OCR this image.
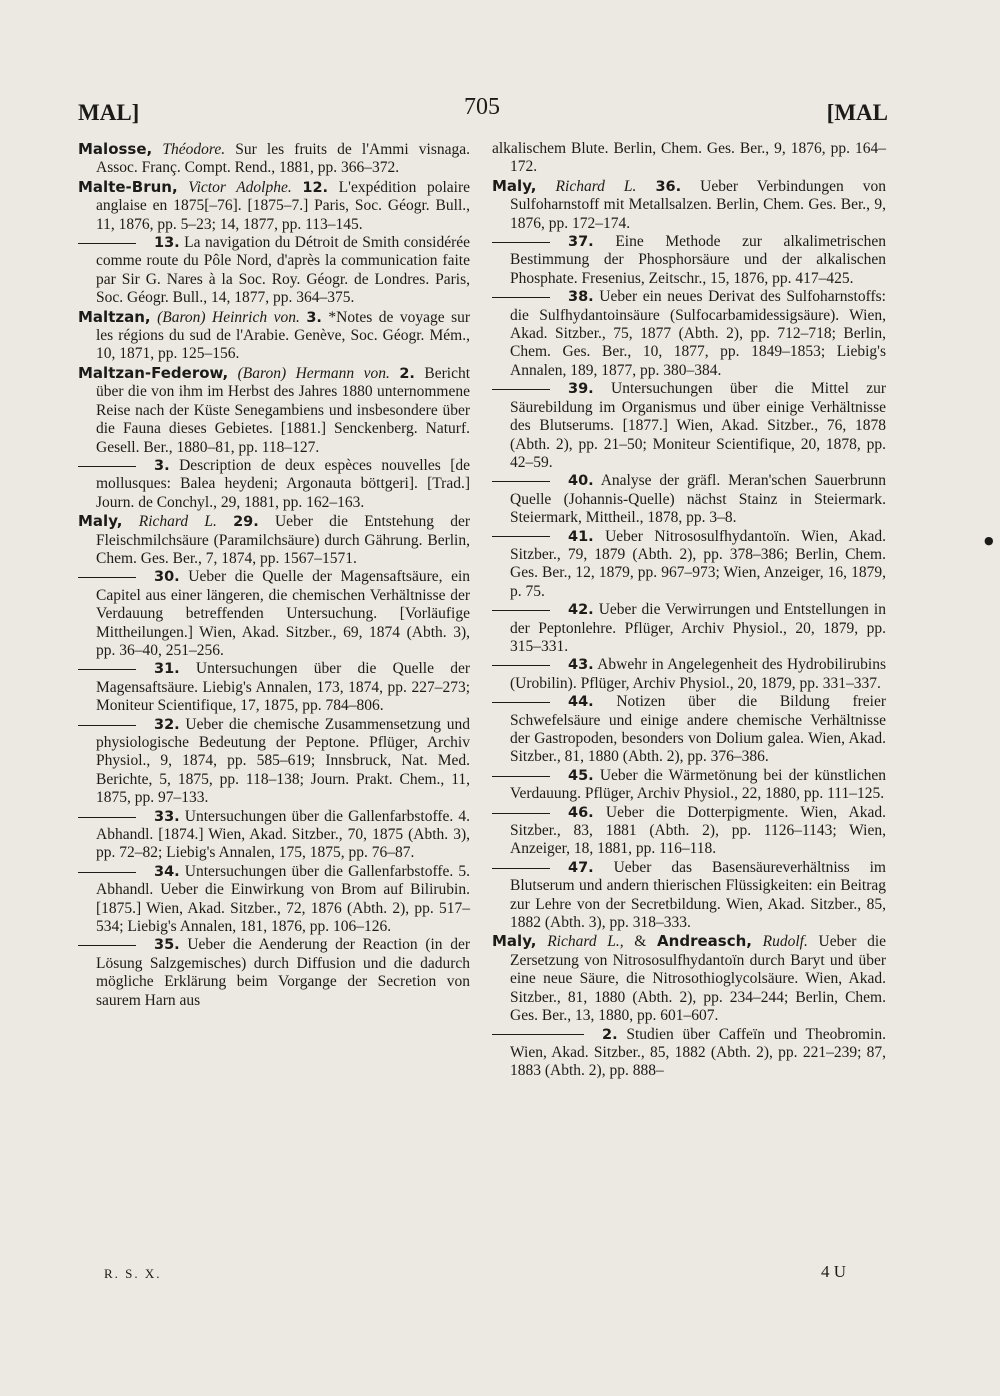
MAL]	705	[MAL
Malosse, Théodore. Sur les fruits de l'Ammi visnaga. Assoc. Franç. Compt. Rend., 1881, pp. 366–372.
Malte-Brun, Victor Adolphe. 12. L'expédition polaire anglaise en 1875[–76]. [1875–7.] Paris, Soc. Géogr. Bull., 11, 1876, pp. 5–23; 14, 1877, pp. 113–145.
13. La navigation du Détroit de Smith considérée comme route du Pôle Nord, d'après la communication faite par Sir G. Nares à la Soc. Roy. Géogr. de Londres. Paris, Soc. Géogr. Bull., 14, 1877, pp. 364–375.
Maltzan, (Baron) Heinrich von. 3. *Notes de voyage sur les régions du sud de l'Arabie. Genève, Soc. Géogr. Mém., 10, 1871, pp. 125–156.
Maltzan-Federow, (Baron) Hermann von. 2. Bericht über die von ihm im Herbst des Jahres 1880 unternommene Reise nach der Küste Senegambiens und insbesondere über die Fauna dieses Gebietes. [1881.] Senckenberg. Naturf. Gesell. Ber., 1880–81, pp. 118–127.
3. Description de deux espèces nouvelles [de mollusques: Balea heydeni; Argonauta böttgeri]. [Trad.] Journ. de Conchyl., 29, 1881, pp. 162–163.
Maly, Richard L. 29. Ueber die Entstehung der Fleischmilchsäure (Paramilchsäure) durch Gährung. Berlin, Chem. Ges. Ber., 7, 1874, pp. 1567–1571.
30. Ueber die Quelle der Magensaftsäure, ein Capitel aus einer längeren, die chemischen Verhältnisse der Verdauung betreffenden Untersuchung. [Vorläufige Mittheilungen.] Wien, Akad. Sitzber., 69, 1874 (Abth. 3), pp. 36–40, 251–256.
31. Untersuchungen über die Quelle der Magensaftsäure. Liebig's Annalen, 173, 1874, pp. 227–273; Moniteur Scientifique, 17, 1875, pp. 784–806.
32. Ueber die chemische Zusammensetzung und physiologische Bedeutung der Peptone. Pflüger, Archiv Physiol., 9, 1874, pp. 585–619; Innsbruck, Nat. Med. Berichte, 5, 1875, pp. 118–138; Journ. Prakt. Chem., 11, 1875, pp. 97–133.
33. Untersuchungen über die Gallenfarbstoffe. 4. Abhandl. [1874.] Wien, Akad. Sitzber., 70, 1875 (Abth. 3), pp. 72–82; Liebig's Annalen, 175, 1875, pp. 76–87.
34. Untersuchungen über die Gallenfarbstoffe. 5. Abhandl. Ueber die Einwirkung von Brom auf Bilirubin. [1875.] Wien, Akad. Sitzber., 72, 1876 (Abth. 2), pp. 517–534; Liebig's Annalen, 181, 1876, pp. 106–126.
35. Ueber die Aenderung der Reaction (in der Lösung Salzgemisches) durch Diffusion und die dadurch mögliche Erklärung beim Vorgange der Secretion von saurem Harn aus
alkalischem Blute. Berlin, Chem. Ges. Ber., 9, 1876, pp. 164–172.
Maly, Richard L. 36. Ueber Verbindungen von Sulfoharnstoff mit Metallsalzen. Berlin, Chem. Ges. Ber., 9, 1876, pp. 172–174.
37. Eine Methode zur alkalimetrischen Bestimmung der Phosphorsäure und der alkalischen Phosphate. Fresenius, Zeitschr., 15, 1876, pp. 417–425.
38. Ueber ein neues Derivat des Sulfoharnstoffs: die Sulfhydantoinsäure (Sulfocarbamidessigsäure). Wien, Akad. Sitzber., 75, 1877 (Abth. 2), pp. 712–718; Berlin, Chem. Ges. Ber., 10, 1877, pp. 1849–1853; Liebig's Annalen, 189, 1877, pp. 380–384.
39. Untersuchungen über die Mittel zur Säurebildung im Organismus und über einige Verhältnisse des Blutserums. [1877.] Wien, Akad. Sitzber., 76, 1878 (Abth. 2), pp. 21–50; Moniteur Scientifique, 20, 1878, pp. 42–59.
40. Analyse der gräfl. Meran'schen Sauerbrunn Quelle (Johannis-Quelle) nächst Stainz in Steiermark. Steiermark, Mittheil., 1878, pp. 3–8.
41. Ueber Nitrososulfhydantoïn. Wien, Akad. Sitzber., 79, 1879 (Abth. 2), pp. 378–386; Berlin, Chem. Ges. Ber., 12, 1879, pp. 967–973; Wien, Anzeiger, 16, 1879, p. 75.
42. Ueber die Verwirrungen und Entstellungen in der Peptonlehre. Pflüger, Archiv Physiol., 20, 1879, pp. 315–331.
43. Abwehr in Angelegenheit des Hydrobilirubins (Urobilin). Pflüger, Archiv Physiol., 20, 1879, pp. 331–337.
44. Notizen über die Bildung freier Schwefelsäure und einige andere chemische Verhältnisse der Gastropoden, besonders von Dolium galea. Wien, Akad. Sitzber., 81, 1880 (Abth. 2), pp. 376–386.
45. Ueber die Wärmetönung bei der künstlichen Verdauung. Pflüger, Archiv Physiol., 22, 1880, pp. 111–125.
46. Ueber die Dotterpigmente. Wien, Akad. Sitzber., 83, 1881 (Abth. 2), pp. 1126–1143; Wien, Anzeiger, 18, 1881, pp. 116–118.
47. Ueber das Basensäureverhältniss im Blutserum und andern thierischen Flüssigkeiten: ein Beitrag zur Lehre von der Secretbildung. Wien, Akad. Sitzber., 85, 1882 (Abth. 3), pp. 318–333.
Maly, Richard L., & Andreasch, Rudolf. Ueber die Zersetzung von Nitrososulfhydantoïn durch Baryt und über eine neue Säure, die Nitrosothioglycolsäure. Wien, Akad. Sitzber., 81, 1880 (Abth. 2), pp. 234–244; Berlin, Chem. Ges. Ber., 13, 1880, pp. 601–607.
2. Studien über Caffeïn und Theobromin. Wien, Akad. Sitzber., 85, 1882 (Abth. 2), pp. 221–239; 87, 1883 (Abth. 2), pp. 888–
●
R. S. X.	4 U
